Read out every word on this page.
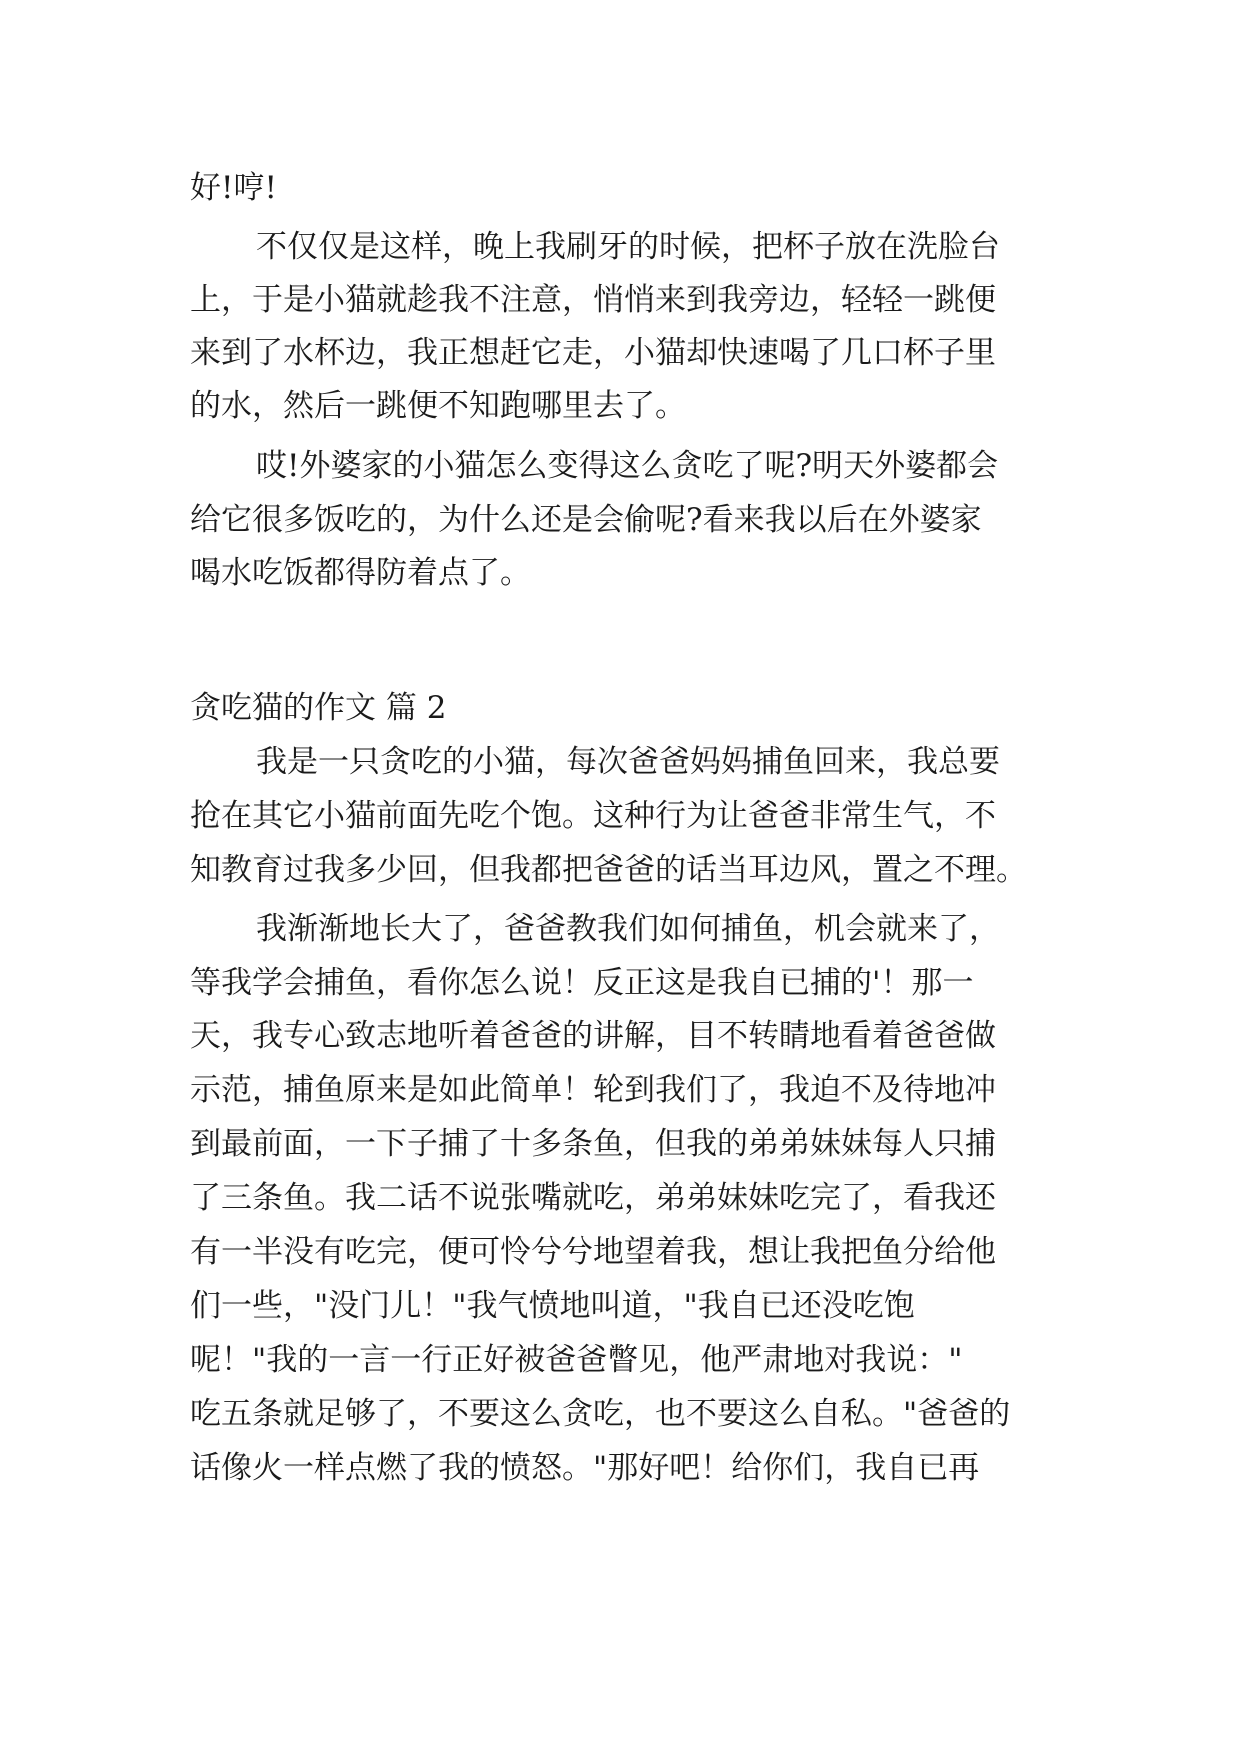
好!哼!
不仅仅是这样，晚上我刷牙的时候，把杯子放在洗脸台
上，于是小猫就趁我不注意，悄悄来到我旁边，轻轻一跳便
来到了水杯边，我正想赶它走，小猫却快速喝了几口杯子里
的水，然后一跳便不知跑哪里去了。
哎!外婆家的小猫怎么变得这么贪吃了呢?明天外婆都会
给它很多饭吃的，为什么还是会偷呢?看来我以后在外婆家
喝水吃饭都得防着点了。
贪吃猫的作文 篇 2
我是一只贪吃的小猫，每次爸爸妈妈捕鱼回来，我总要
抢在其它小猫前面先吃个饱。这种行为让爸爸非常生气，不
知教育过我多少回，但我都把爸爸的话当耳边风，置之不理。
我渐渐地长大了，爸爸教我们如何捕鱼，机会就来了，
等我学会捕鱼，看你怎么说！反正这是我自已捕的'！那一
天，我专心致志地听着爸爸的讲解，目不转睛地看着爸爸做
示范，捕鱼原来是如此简单！轮到我们了，我迫不及待地冲
到最前面，一下子捕了十多条鱼，但我的弟弟妹妹每人只捕
了三条鱼。我二话不说张嘴就吃，弟弟妹妹吃完了，看我还
有一半没有吃完，便可怜兮兮地望着我，想让我把鱼分给他
们一些，"没门儿！"我气愤地叫道，"我自已还没吃饱
呢！"我的一言一行正好被爸爸瞥见，他严肃地对我说："
吃五条就足够了，不要这么贪吃，也不要这么自私。"爸爸的
话像火一样点燃了我的愤怒。"那好吧！给你们，我自已再
